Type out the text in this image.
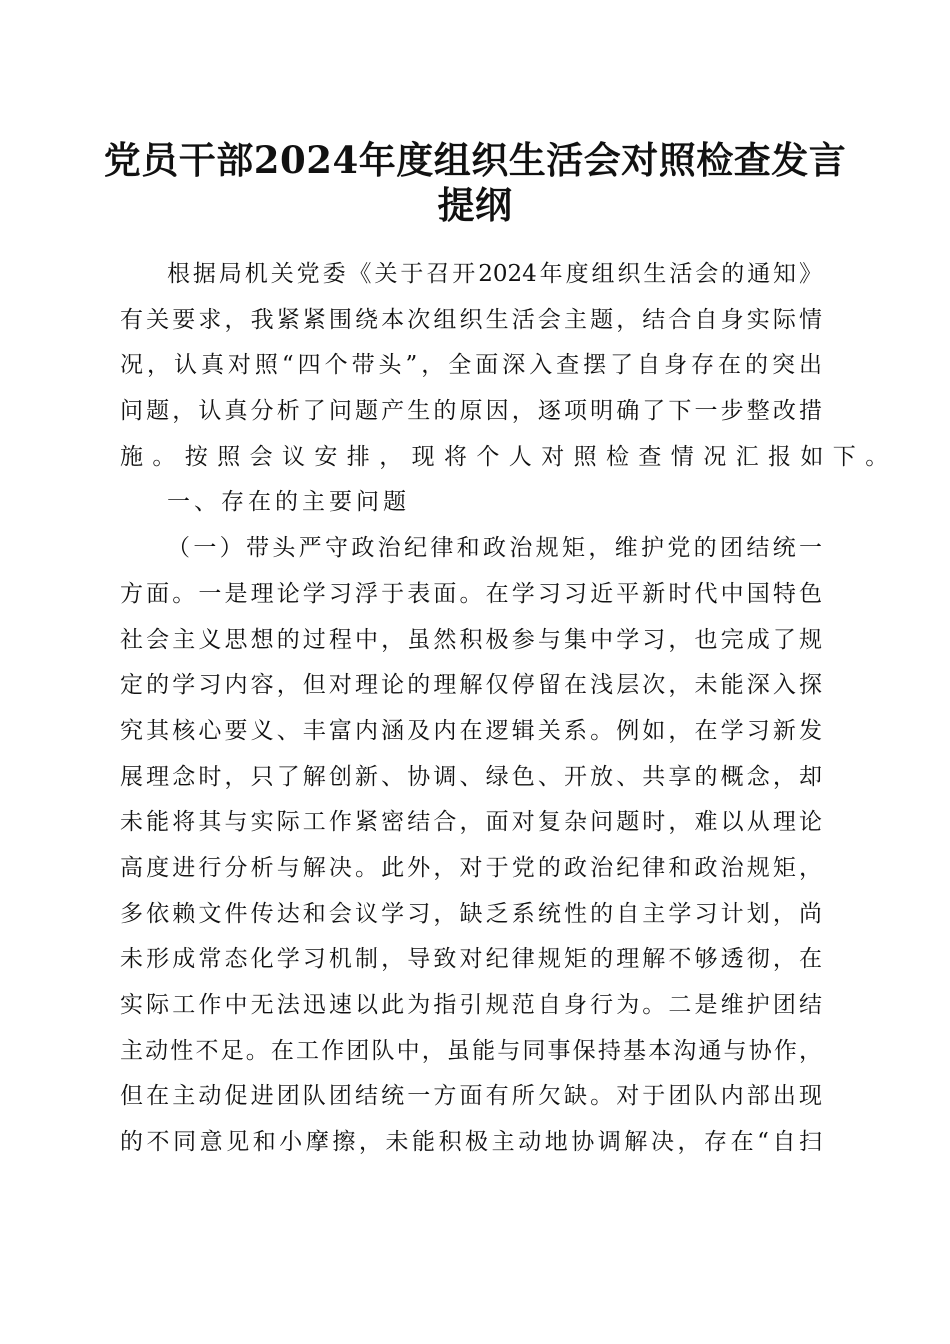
党员干部2024年度组织生活会对照检查发言
提纲
根据局机关党委《关于召开2024年度组织生活会的通知》
有关要求，我紧紧围绕本次组织生活会主题，结合自身实际情
况，认真对照“四个带头”，全面深入查摆了自身存在的突出
问题，认真分析了问题产生的原因，逐项明确了下一步整改措
施。按照会议安排，现将个人对照检查情况汇报如下。
一、存在的主要问题
（一）带头严守政治纪律和政治规矩，维护党的团结统一
方面。一是理论学习浮于表面。在学习习近平新时代中国特色
社会主义思想的过程中，虽然积极参与集中学习，也完成了规
定的学习内容，但对理论的理解仅停留在浅层次，未能深入探
究其核心要义、丰富内涵及内在逻辑关系。例如，在学习新发
展理念时，只了解创新、协调、绿色、开放、共享的概念，却
未能将其与实际工作紧密结合，面对复杂问题时，难以从理论
高度进行分析与解决。此外，对于党的政治纪律和政治规矩，
多依赖文件传达和会议学习，缺乏系统性的自主学习计划，尚
未形成常态化学习机制，导致对纪律规矩的理解不够透彻，在
实际工作中无法迅速以此为指引规范自身行为。二是维护团结
主动性不足。在工作团队中，虽能与同事保持基本沟通与协作，
但在主动促进团队团结统一方面有所欠缺。对于团队内部出现
的不同意见和小摩擦，未能积极主动地协调解决，存在“自扫
